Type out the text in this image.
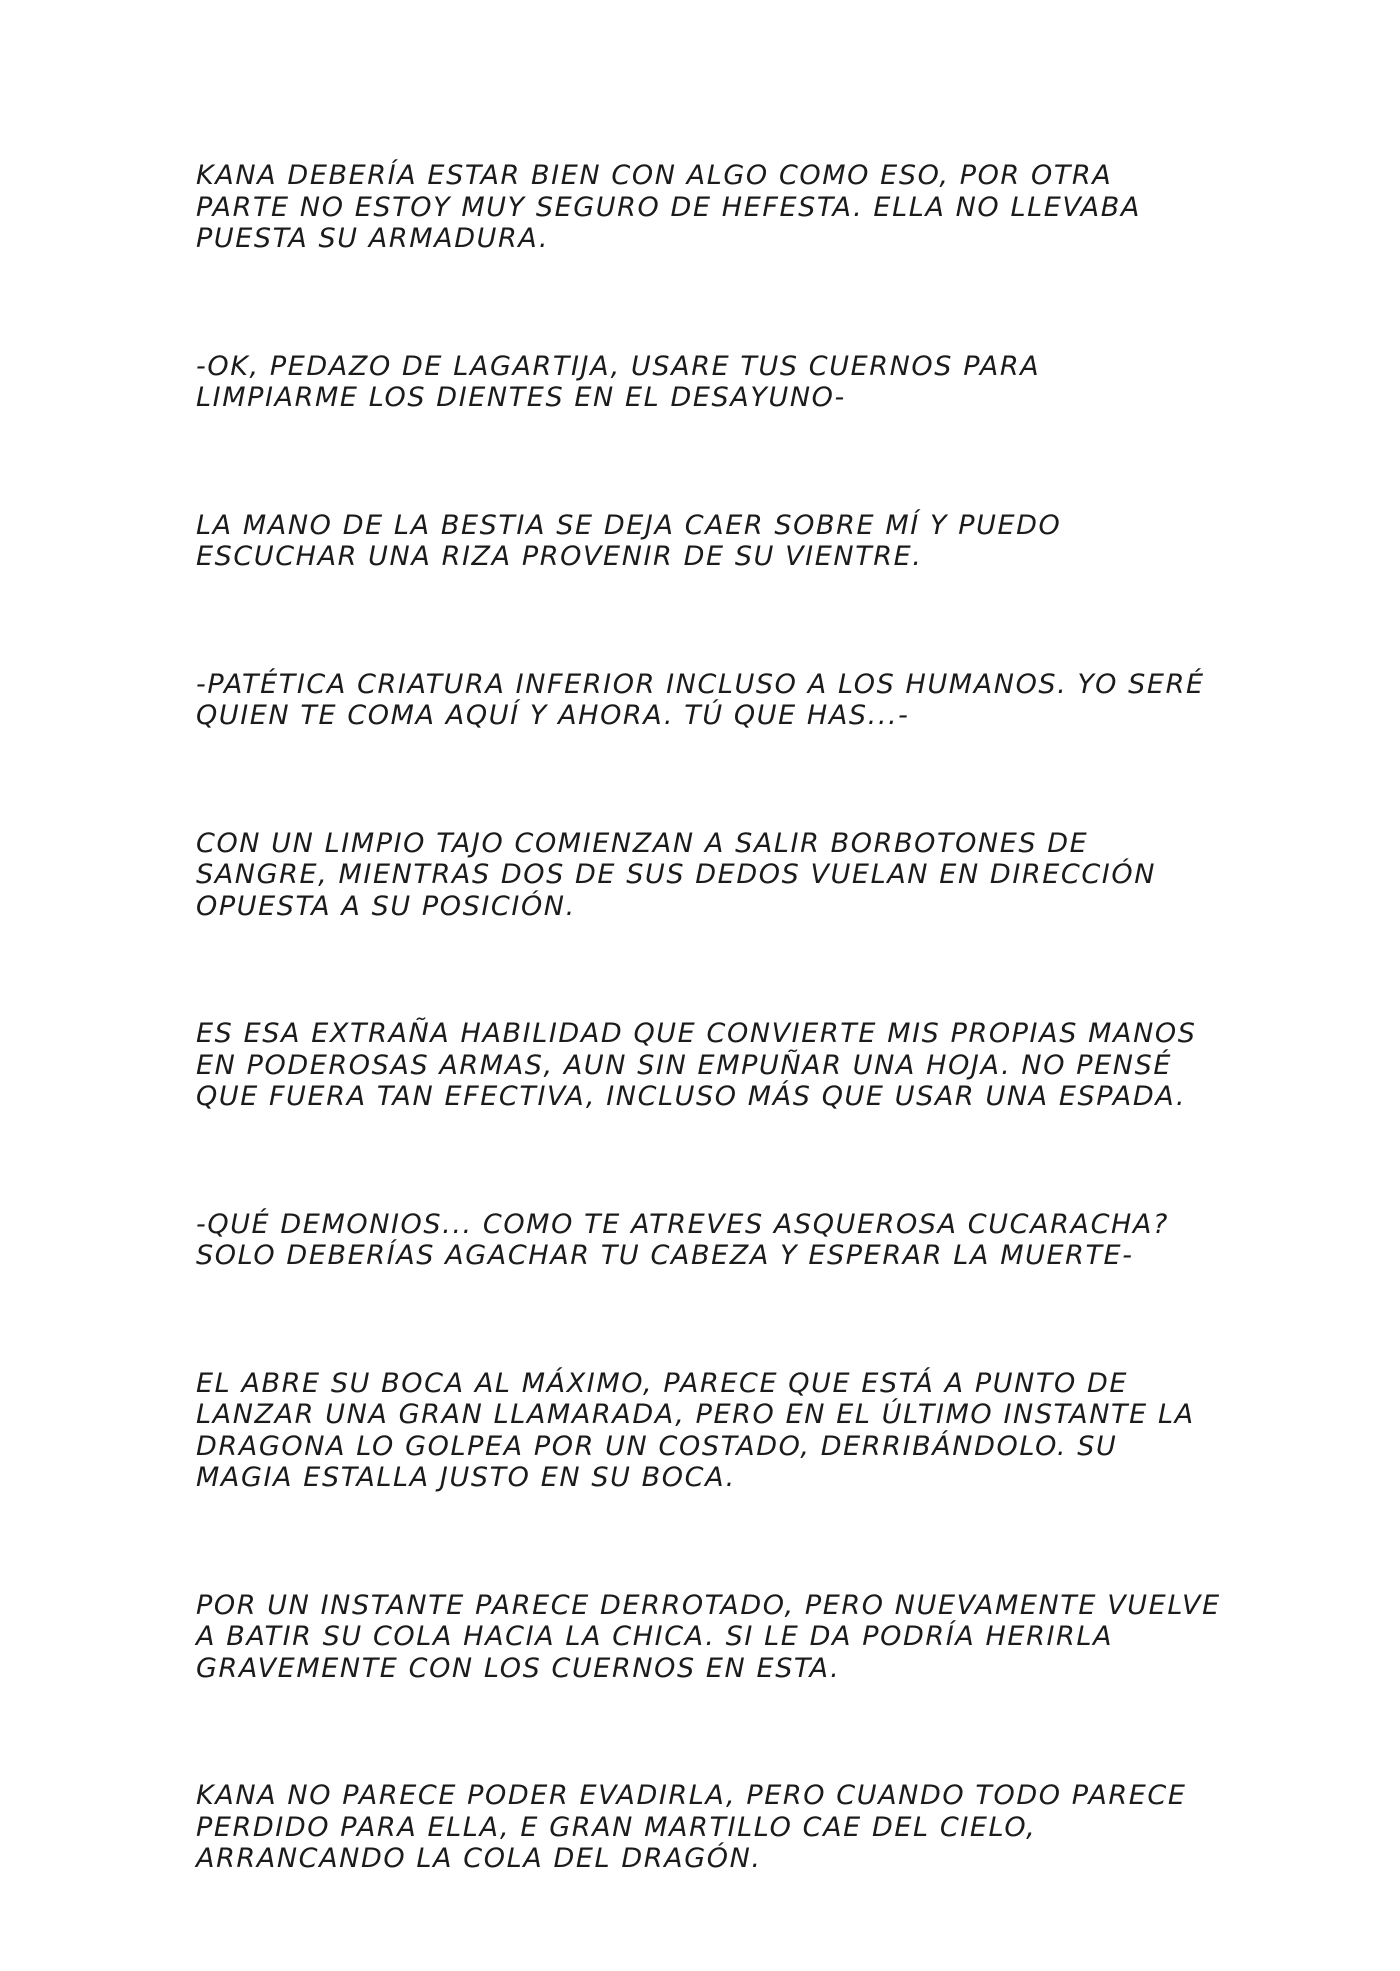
KANA DEBERÍA ESTAR BIEN CON ALGO COMO ESO, POR OTRA
PARTE NO ESTOY MUY SEGURO DE HEFESTA. ELLA NO LLEVABA
PUESTA SU ARMADURA.

-OK, PEDAZO DE LAGARTIJA, USARE TUS CUERNOS PARA
LIMPIARME LOS DIENTES EN EL DESAYUNO-

LA MANO DE LA BESTIA SE DEJA CAER SOBRE MÍ Y PUEDO
ESCUCHAR UNA RIZA PROVENIR DE SU VIENTRE.

-PATÉTICA CRIATURA INFERIOR INCLUSO A LOS HUMANOS. YO SERÉ
QUIEN TE COMA AQUÍ Y AHORA. TÚ QUE HAS...-

CON UN LIMPIO TAJO COMIENZAN A SALIR BORBOTONES DE
SANGRE, MIENTRAS DOS DE SUS DEDOS VUELAN EN DIRECCIÓN
OPUESTA A SU POSICIÓN.

ES ESA EXTRAÑA HABILIDAD QUE CONVIERTE MIS PROPIAS MANOS
EN PODEROSAS ARMAS, AUN SIN EMPUÑAR UNA HOJA. NO PENSÉ
QUE FUERA TAN EFECTIVA, INCLUSO MÁS QUE USAR UNA ESPADA.

-QUÉ DEMONIOS... COMO TE ATREVES ASQUEROSA CUCARACHA?
SOLO DEBERÍAS AGACHAR TU CABEZA Y ESPERAR LA MUERTE-

EL ABRE SU BOCA AL MÁXIMO, PARECE QUE ESTÁ A PUNTO DE
LANZAR UNA GRAN LLAMARADA, PERO EN EL ÚLTIMO INSTANTE LA
DRAGONA LO GOLPEA POR UN COSTADO, DERRIBÁNDOLO. SU
MAGIA ESTALLA JUSTO EN SU BOCA.

POR UN INSTANTE PARECE DERROTADO, PERO NUEVAMENTE VUELVE
A BATIR SU COLA HACIA LA CHICA. SI LE DA PODRÍA HERIRLA
GRAVEMENTE CON LOS CUERNOS EN ESTA.

KANA NO PARECE PODER EVADIRLA, PERO CUANDO TODO PARECE
PERDIDO PARA ELLA, E GRAN MARTILLO CAE DEL CIELO,
ARRANCANDO LA COLA DEL DRAGÓN.
